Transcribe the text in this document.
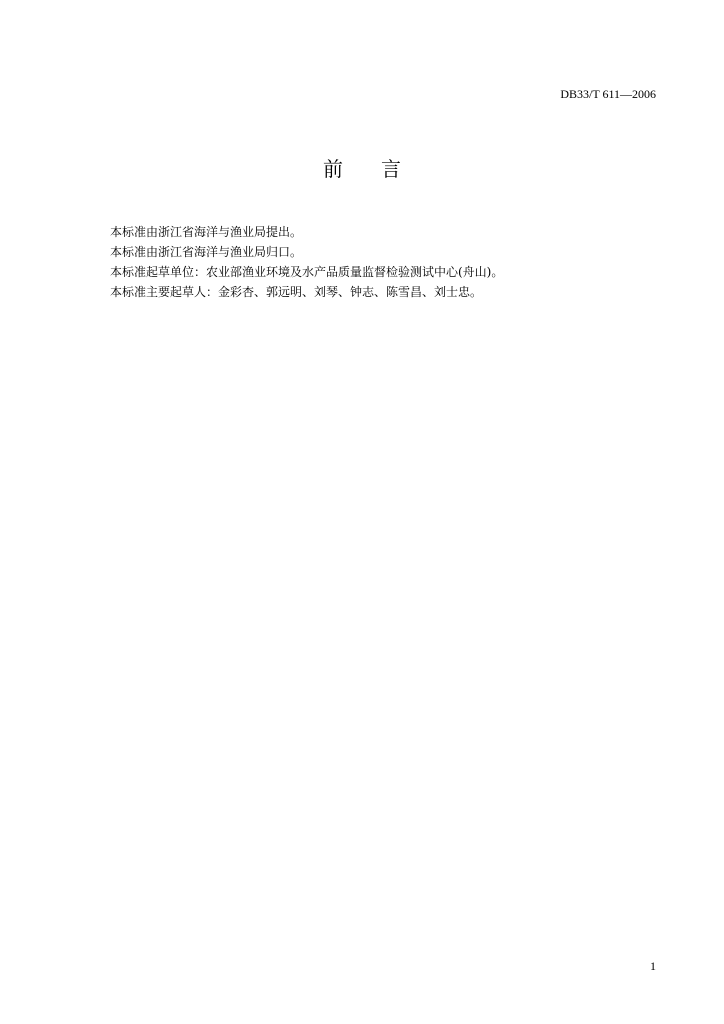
DB33/T 611—2006
前言
本标准由浙江省海洋与渔业局提出。
本标准由浙江省海洋与渔业局归口。
本标准起草单位：农业部渔业环境及水产品质量监督检验测试中心(舟山)。
本标准主要起草人：金彩杏、郭远明、刘琴、钟志、陈雪昌、刘士忠。
1
